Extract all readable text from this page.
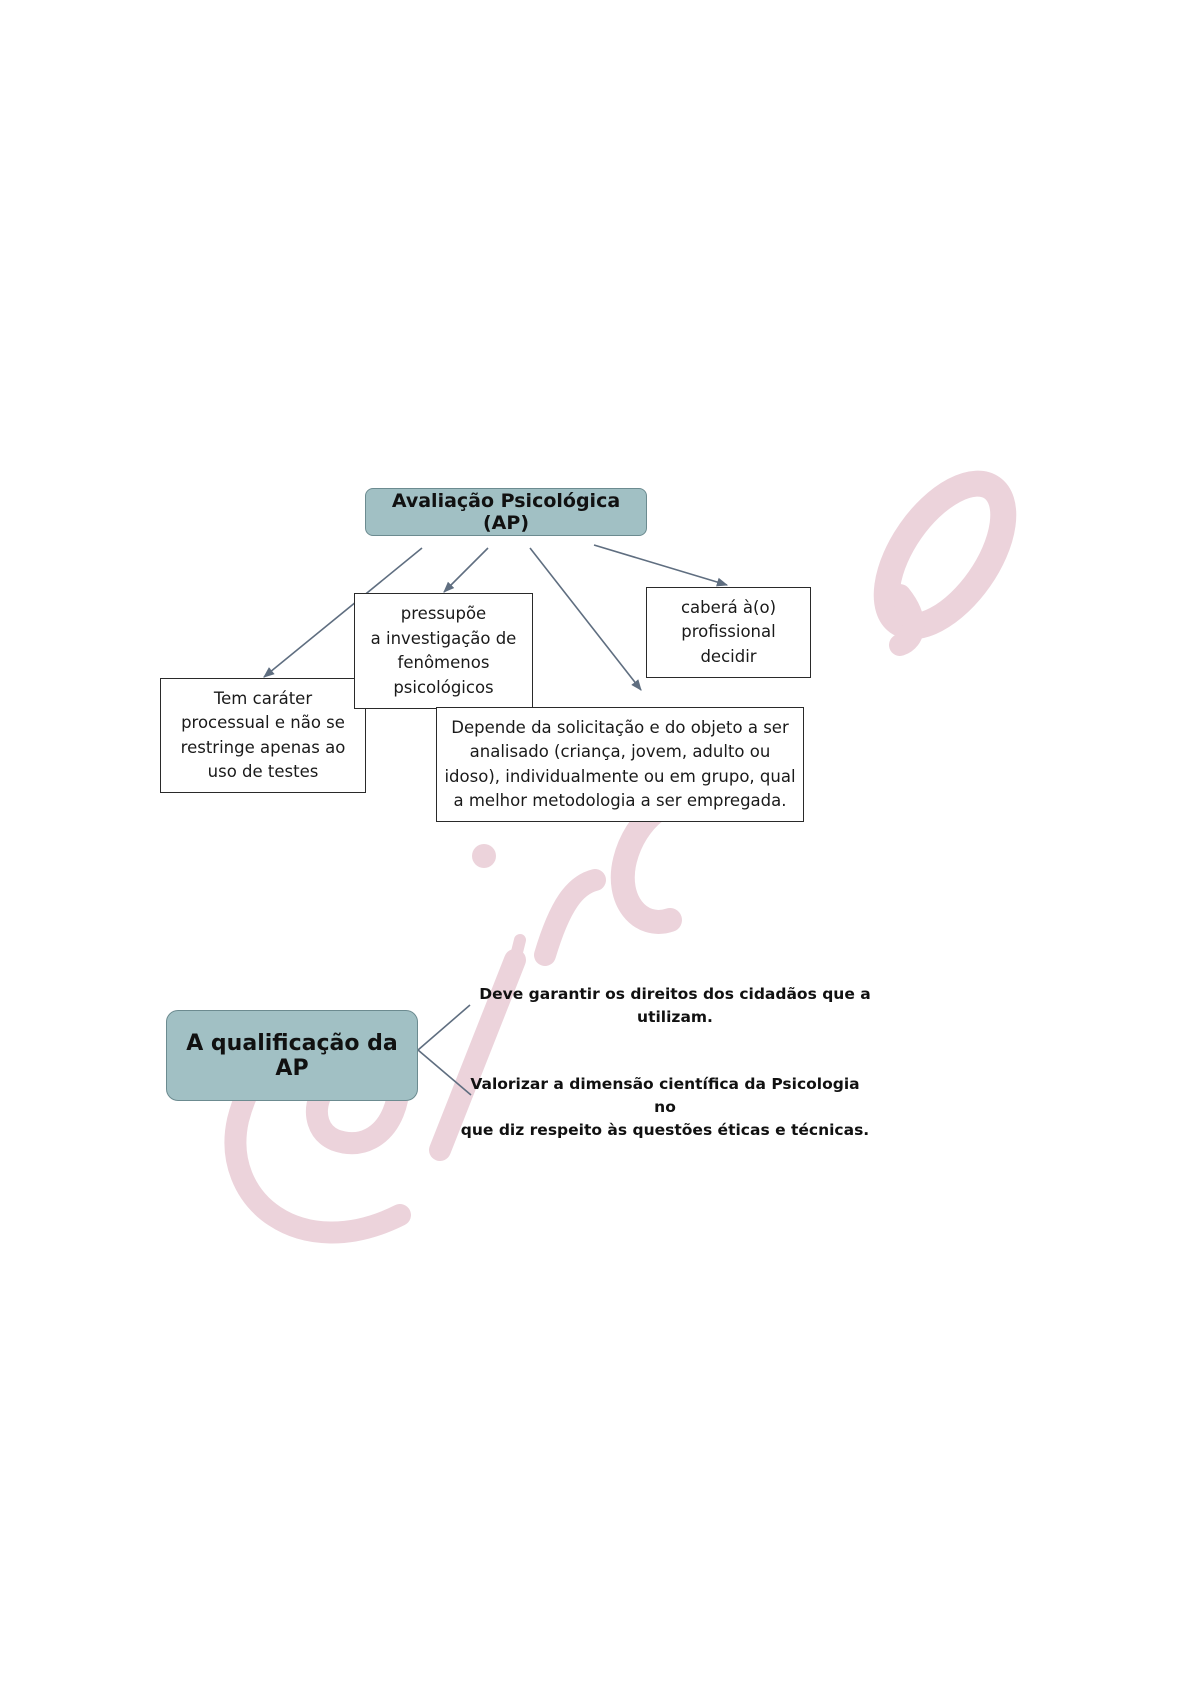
Avaliação Psicológica (AP)
Tem caráter
processual e não se
restringe apenas ao
uso de testes
pressupõe
a investigação de
fenômenos
psicológicos
Depende da solicitação e do objeto a ser
analisado (criança, jovem, adulto ou
idoso), individualmente ou em grupo, qual
a melhor metodologia a ser empregada.
caberá à(o)
profissional
decidir
A qualificação da AP
Deve garantir os direitos dos cidadãos que a
utilizam.
Valorizar a dimensão científica da Psicologia no
que diz respeito às questões éticas e técnicas.
